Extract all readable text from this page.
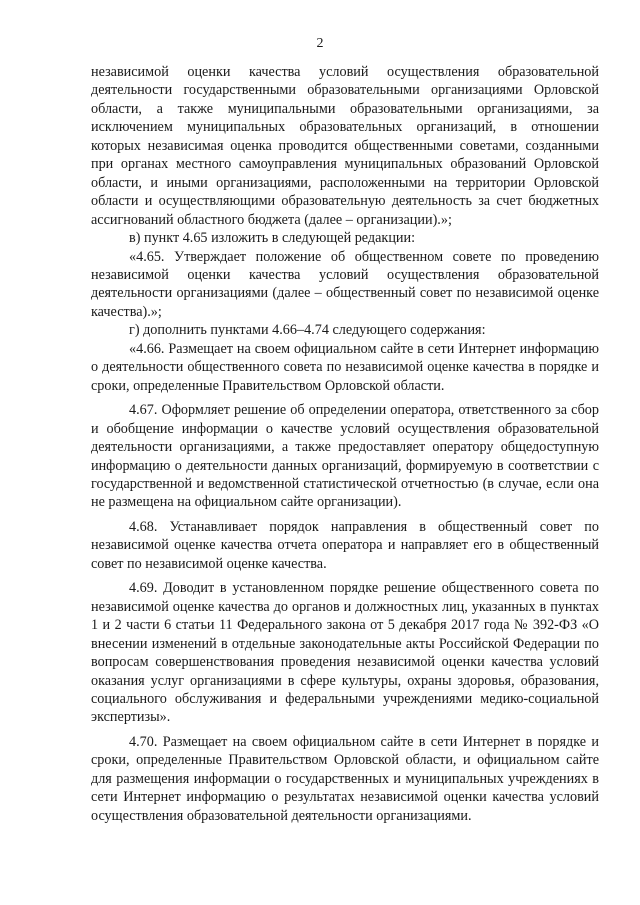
2

независимой оценки качества условий осуществления образовательной деятельности государственными образовательными организациями Орловской области, а также муниципальными образовательными организациями, за исключением муниципальных образовательных организаций, в отношении которых независимая оценка проводится общественными советами, созданными при органах местного самоуправления муниципальных образований Орловской области, и иными организациями, расположенными на территории Орловской области и осуществляющими образовательную деятельность за счет бюджетных ассигнований областного бюджета (далее – организации).»;

в) пункт 4.65 изложить в следующей редакции:

«4.65. Утверждает положение об общественном совете по проведению независимой оценки качества условий осуществления образовательной деятельности организациями (далее – общественный совет по независимой оценке качества).»;

г) дополнить пунктами 4.66–4.74 следующего содержания:

«4.66. Размещает на своем официальном сайте в сети Интернет информацию о деятельности общественного совета по независимой оценке качества в порядке и сроки, определенные Правительством Орловской области.

4.67. Оформляет решение об определении оператора, ответственного за сбор и обобщение информации о качестве условий осуществления образовательной деятельности организациями, а также предоставляет оператору общедоступную информацию о деятельности данных организаций, формируемую в соответствии с государственной и ведомственной статистической отчетностью (в случае, если она не размещена на официальном сайте организации).

4.68. Устанавливает порядок направления в общественный совет по независимой оценке качества отчета оператора и направляет его в общественный совет по независимой оценке качества.

4.69. Доводит в установленном порядке решение общественного совета по независимой оценке качества до органов и должностных лиц, указанных в пунктах 1 и 2 части 6 статьи 11 Федерального закона от 5 декабря 2017 года № 392-ФЗ «О внесении изменений в отдельные законодательные акты Российской Федерации по вопросам совершенствования проведения независимой оценки качества условий оказания услуг организациями в сфере культуры, охраны здоровья, образования, социального обслуживания и федеральными учреждениями медико-социальной экспертизы».

4.70. Размещает на своем официальном сайте в сети Интернет в порядке и сроки, определенные Правительством Орловской области, и официальном сайте для размещения информации о государственных и муниципальных учреждениях в сети Интернет информацию о результатах независимой оценки качества условий осуществления образовательной деятельности организациями.
